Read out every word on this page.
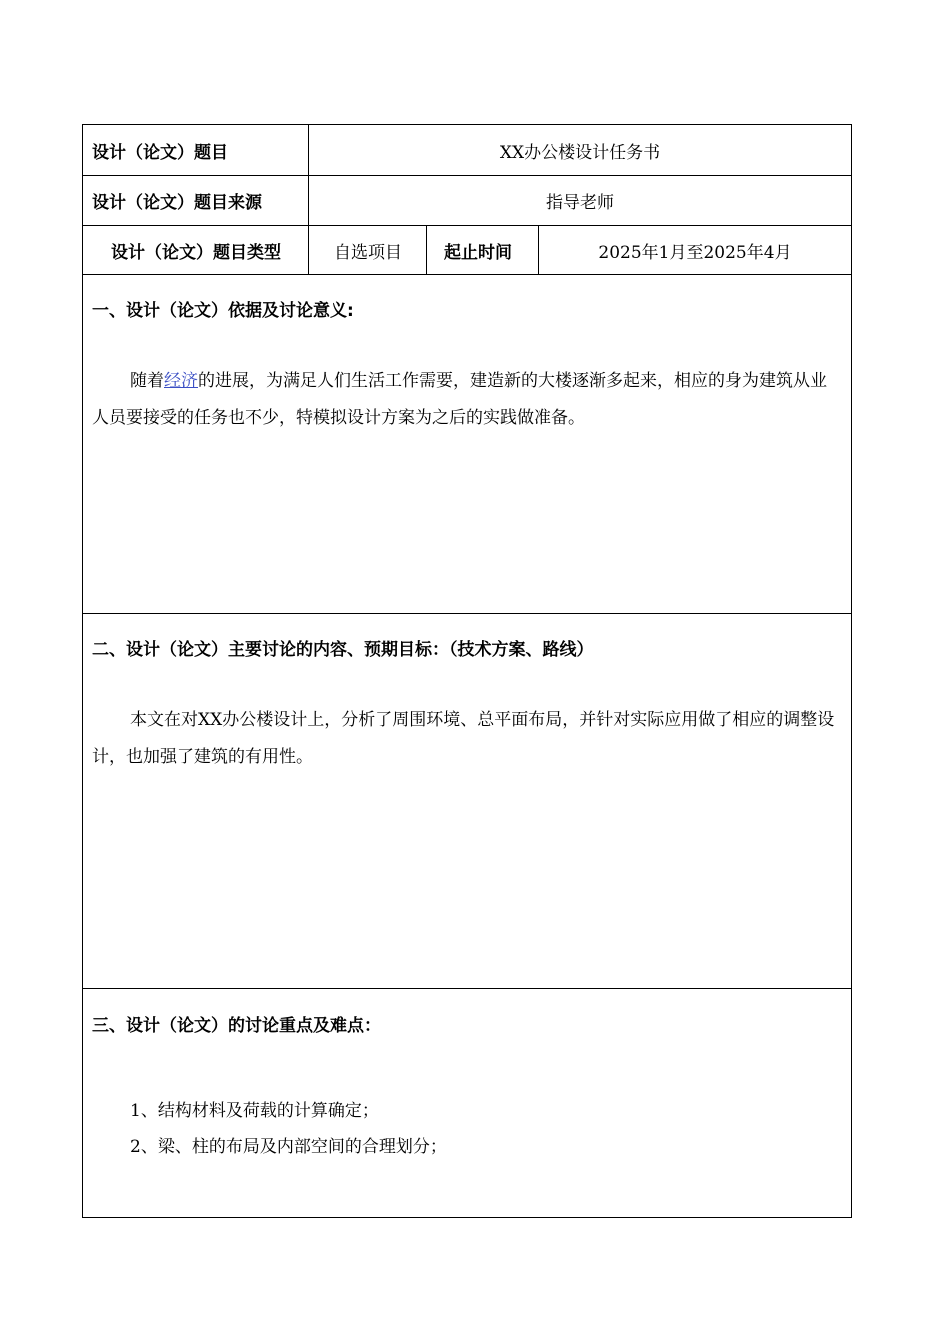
设计（论文）题目	XX办公楼设计任务书
设计（论文）题目来源	指导老师
设计（论文）题目类型	自选项目	起止时间	2025年1月至2025年4月
一、设计（论文）依据及讨论意义:

随着经济的进展，为满足人们生活工作需要，建造新的大楼逐渐多起来，相应的身为建筑从业人员要接受的任务也不少，特模拟设计方案为之后的实践做准备。

二、设计（论文）主要讨论的内容、预期目标：（技术方案、路线）

本文在对XX办公楼设计上，分析了周围环境、总平面布局，并针对实际应用做了相应的调整设计，也加强了建筑的有用性。

三、设计（论文）的讨论重点及难点：

1、结构材料及荷载的计算确定；

2、梁、柱的布局及内部空间的合理划分；
